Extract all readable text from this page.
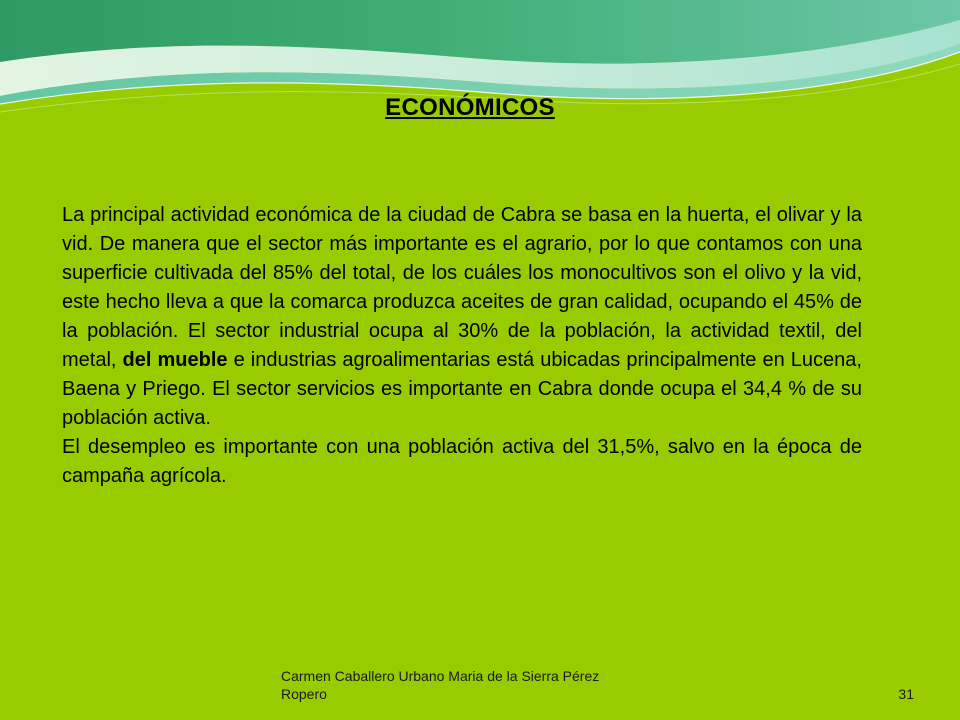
ECONÓMICOS

La principal actividad económica de la ciudad de Cabra se basa en la huerta, el olivar y la vid. De manera que el sector más importante es el agrario, por lo que contamos con una superficie cultivada del 85% del total, de los cuáles los monocultivos son el olivo y la vid, este hecho lleva a que la comarca produzca aceites de gran calidad, ocupando el 45% de la población. El sector industrial ocupa al 30% de la población, la actividad textil, del metal, del mueble e industrias agroalimentarias está ubicadas principalmente en Lucena, Baena y Priego. El sector servicios es importante en Cabra donde ocupa el 34,4 % de su población activa.

El desempleo es importante con una población activa del 31,5%, salvo en la época de campaña agrícola.

Carmen Caballero Urbano Maria de la Sierra Pérez Ropero	31
